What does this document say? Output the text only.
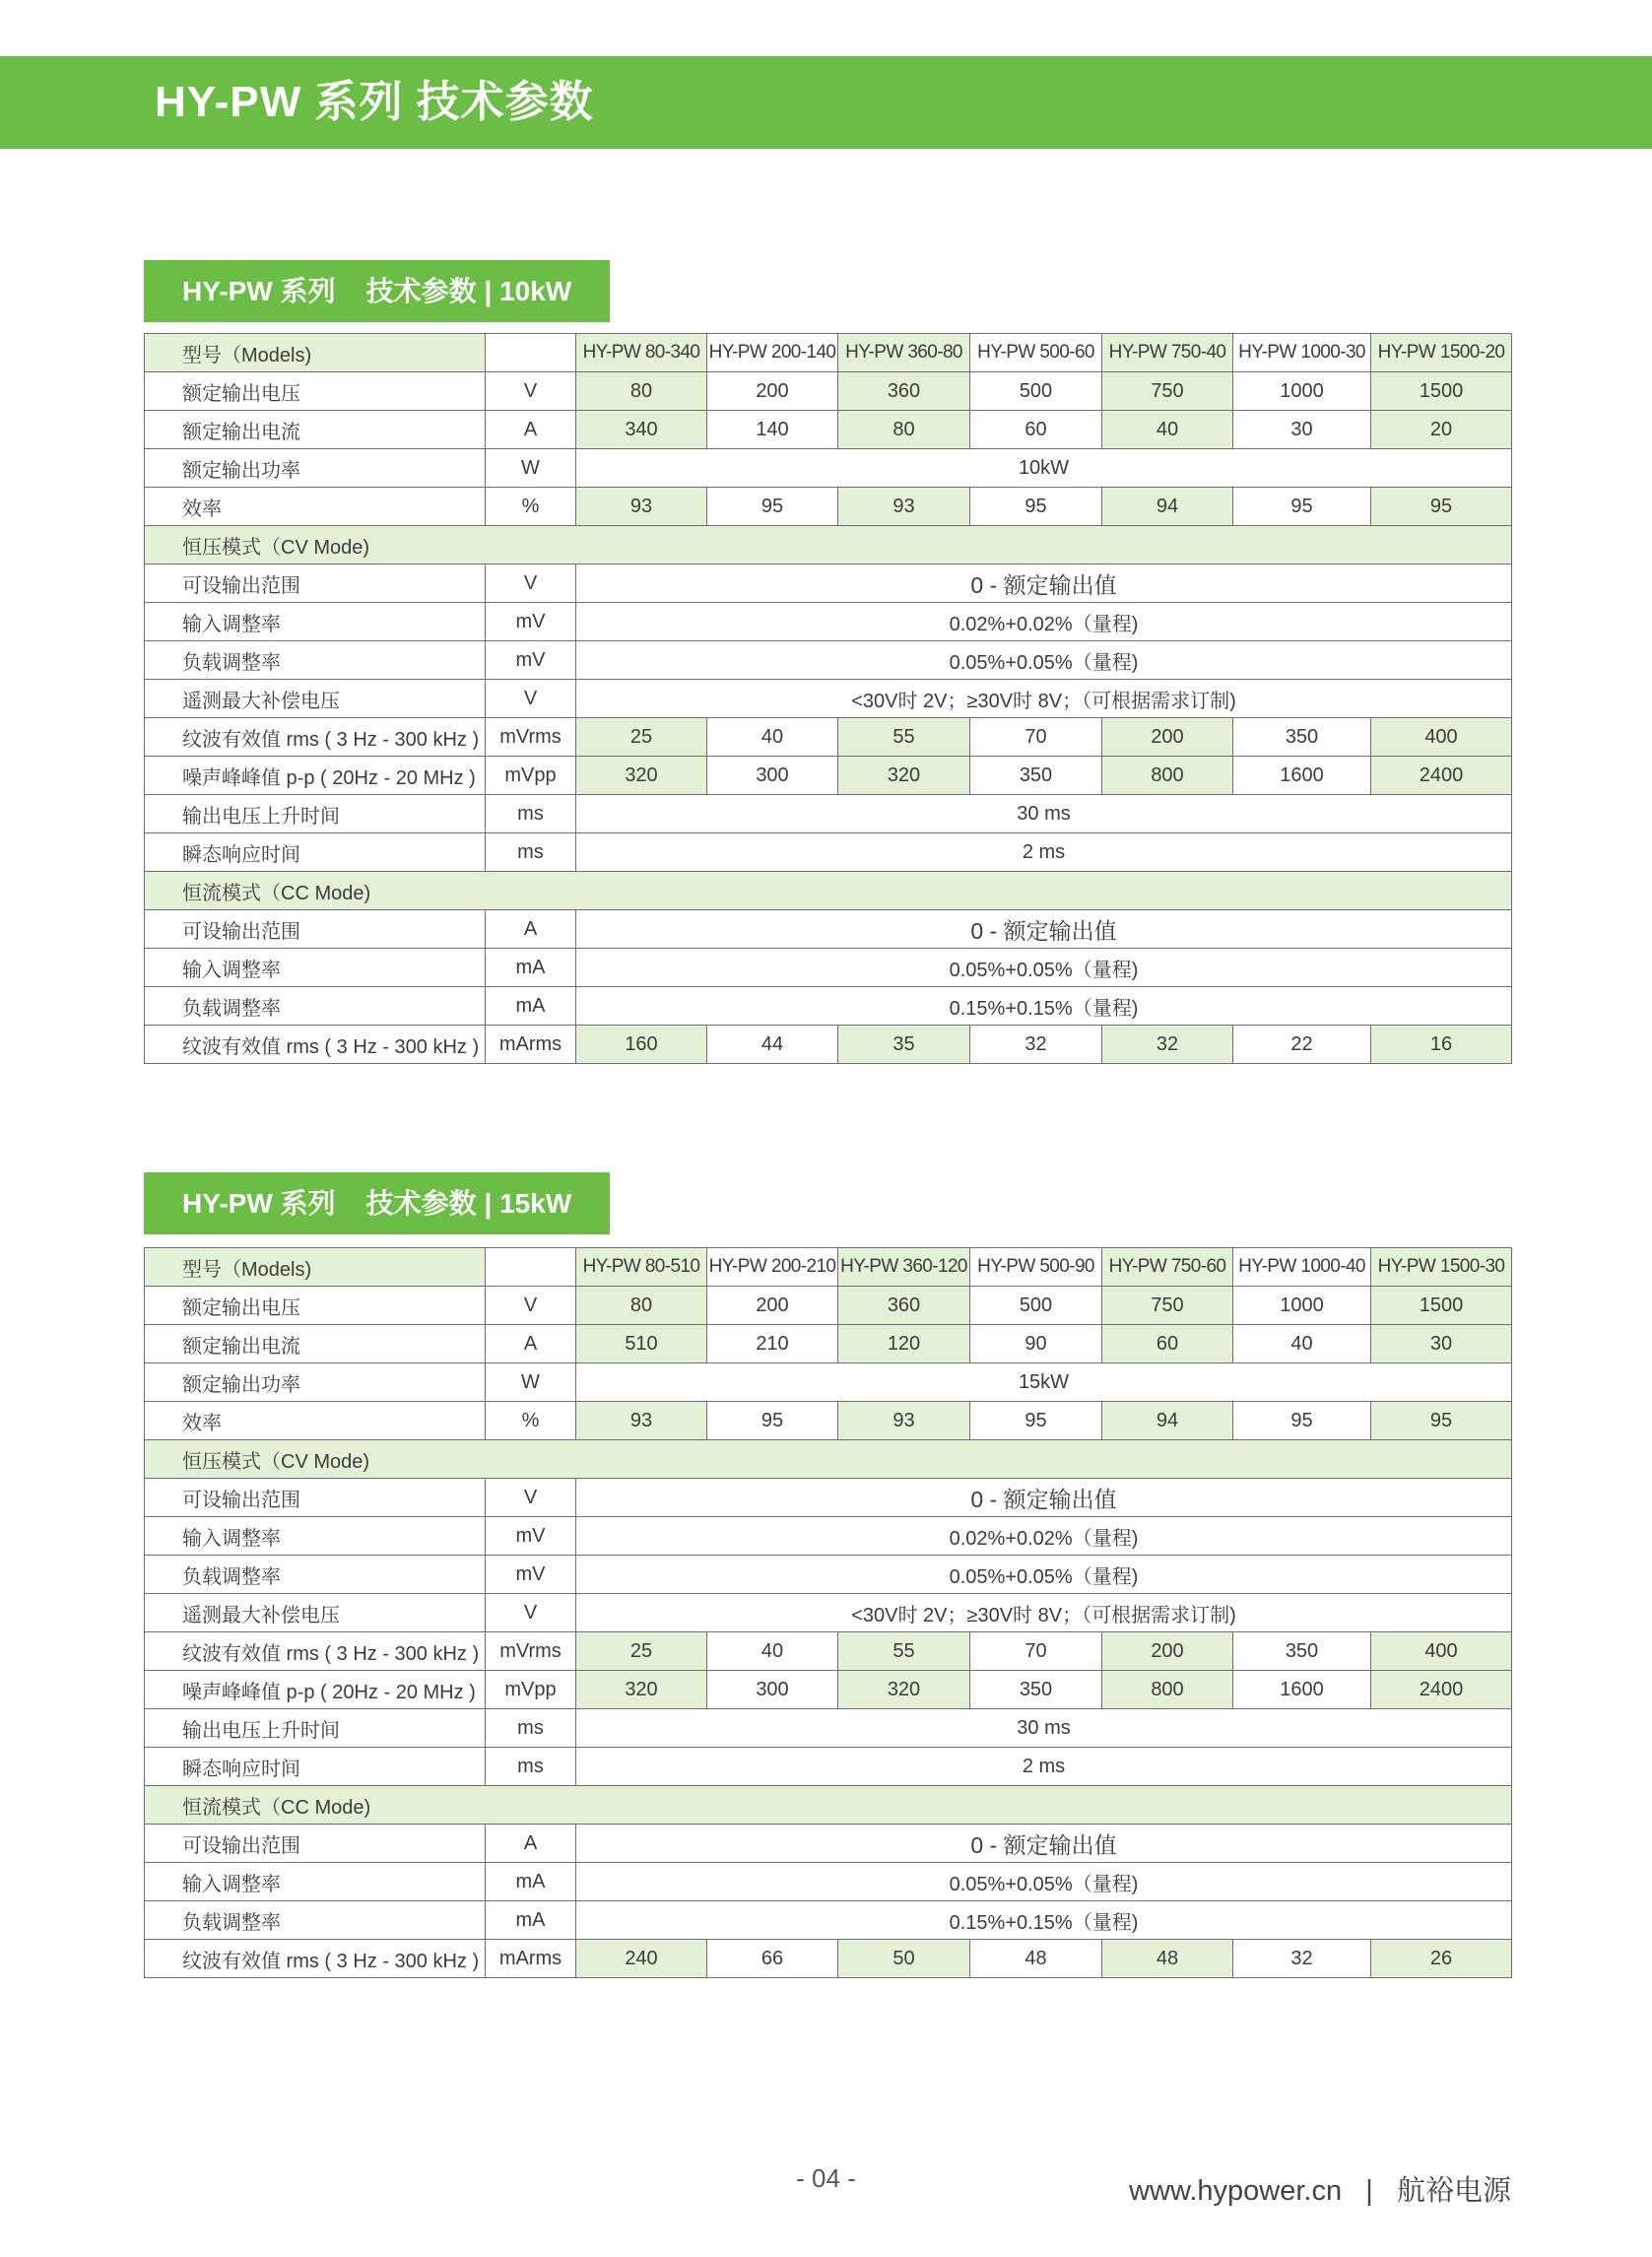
HY-PW 系列 技术参数
HY-PW 系列    技术参数 | 10kW
型号（Models)		HY-PW 80-340	HY-PW 200-140	HY-PW 360-80	HY-PW 500-60	HY-PW 750-40	HY-PW 1000-30	HY-PW 1500-20
额定输出电压	V	80	200	360	500	750	1000	1500
额定输出电流	A	340	140	80	60	40	30	20
额定输出功率	W	10kW						
效率	%	93	95	93	95	94	95	95
恒压模式（CV Mode)								
可设输出范围	V	0 - 额定输出值						
输入调整率	mV	0.02%+0.02%（量程)						
负载调整率	mV	0.05%+0.05%（量程)						
遥测最大补偿电压	V	<30V时 2V；≥30V时 8V；（可根据需求订制)						
纹波有效值 rms ( 3 Hz - 300 kHz )	mVrms	25	40	55	70	200	350	400
噪声峰峰值 p-p ( 20Hz - 20 MHz )	mVpp	320	300	320	350	800	1600	2400
输出电压上升时间	ms	30 ms						
瞬态响应时间	ms	2 ms						
恒流模式（CC Mode)								
可设输出范围	A	0 - 额定输出值						
输入调整率	mA	0.05%+0.05%（量程)						
负载调整率	mA	0.15%+0.15%（量程)						
纹波有效值 rms ( 3 Hz - 300 kHz )	mArms	160	44	35	32	32	22	16
HY-PW 系列    技术参数 | 15kW
型号（Models)		HY-PW 80-510	HY-PW 200-210	HY-PW 360-120	HY-PW 500-90	HY-PW 750-60	HY-PW 1000-40	HY-PW 1500-30
额定输出电压	V	80	200	360	500	750	1000	1500
额定输出电流	A	510	210	120	90	60	40	30
额定输出功率	W	15kW						
效率	%	93	95	93	95	94	95	95
恒压模式（CV Mode)								
可设输出范围	V	0 - 额定输出值						
输入调整率	mV	0.02%+0.02%（量程)						
负载调整率	mV	0.05%+0.05%（量程)						
遥测最大补偿电压	V	<30V时 2V；≥30V时 8V；（可根据需求订制)						
纹波有效值 rms ( 3 Hz - 300 kHz )	mVrms	25	40	55	70	200	350	400
噪声峰峰值 p-p ( 20Hz - 20 MHz )	mVpp	320	300	320	350	800	1600	2400
输出电压上升时间	ms	30 ms						
瞬态响应时间	ms	2 ms						
恒流模式（CC Mode)								
可设输出范围	A	0 - 额定输出值						
输入调整率	mA	0.05%+0.05%（量程)						
负载调整率	mA	0.15%+0.15%（量程)						
纹波有效值 rms ( 3 Hz - 300 kHz )	mArms	240	66	50	48	48	32	26
- 04 -	www.hypower.cn | 航裕电源
